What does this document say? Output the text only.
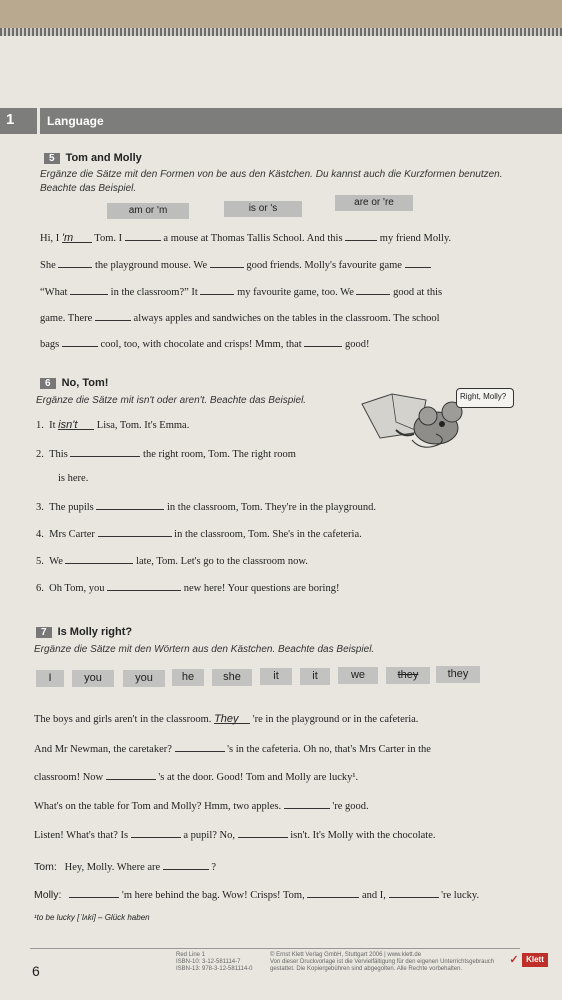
1	Language
5 Tom and Molly
Ergänze die Sätze mit den Formen von be aus den Kästchen. Du kannst auch die Kurzformen benutzen. Beachte das Beispiel.
am or 'm	is or 's
are or 're
Hi, I 'm Tom. I	a mouse at Thomas Tallis School. And this	my friend Molly.
She	the playground mouse. We	good friends. Molly's favourite game
“What	in the classroom?” It	my favourite game, too. We	good at this
game. There	always apples and sandwiches on the tables in the classroom. The school
bags	cool, too, with chocolate and crisps! Mmm, that	good!
6 No, Tom!
Ergänze die Sätze mit isn't oder aren't. Beachte das Beispiel.	Right, Molly?
1. It isn't Lisa, Tom. It's Emma.
2. This	the right room, Tom. The right room
is here.
3. The pupils	in the classroom, Tom. They're in the playground.
4. Mrs Carter	in the classroom, Tom. She's in the cafeteria.
5. We	late, Tom. Let's go to the classroom now.
6. Oh Tom, you	new here! Your questions are boring!
7 Is Molly right?
Ergänze die Sätze mit den Wörtern aus den Kästchen. Beachte das Beispiel.
I	you	you	he	she	it	it	we	they	they
The boys and girls aren't in the classroom. They 're in the playground or in the cafeteria.
And Mr Newman, the caretaker?	's in the cafeteria. Oh no, that's Mrs Carter in the
classroom! Now	's at the door. Good! Tom and Molly are lucky¹.
What's on the table for Tom and Molly? Hmm, two apples.	're good.
Listen! What's that? Is	a pupil? No,	isn't. It's Molly with the chocolate.
Tom: Hey, Molly. Where are	?
Molly:	'm here behind the bag. Wow! Crisps! Tom,	and I,	're lucky.
¹to be lucky [ˈlʌki] – Glück haben
6
Red Line 1
ISBN-10: 3-12-581114-7
ISBN-13: 978-3-12-581114-0
© Ernst Klett Verlag GmbH, Stuttgart 2006 | www.klett.de
Von dieser Druckvorlage ist die Vervielfältigung für den eigenen Unterrichtsgebrauch
gestattet. Die Kopiergebühren sind abgegolten. Alle Rechte vorbehalten.
✓ Klett
